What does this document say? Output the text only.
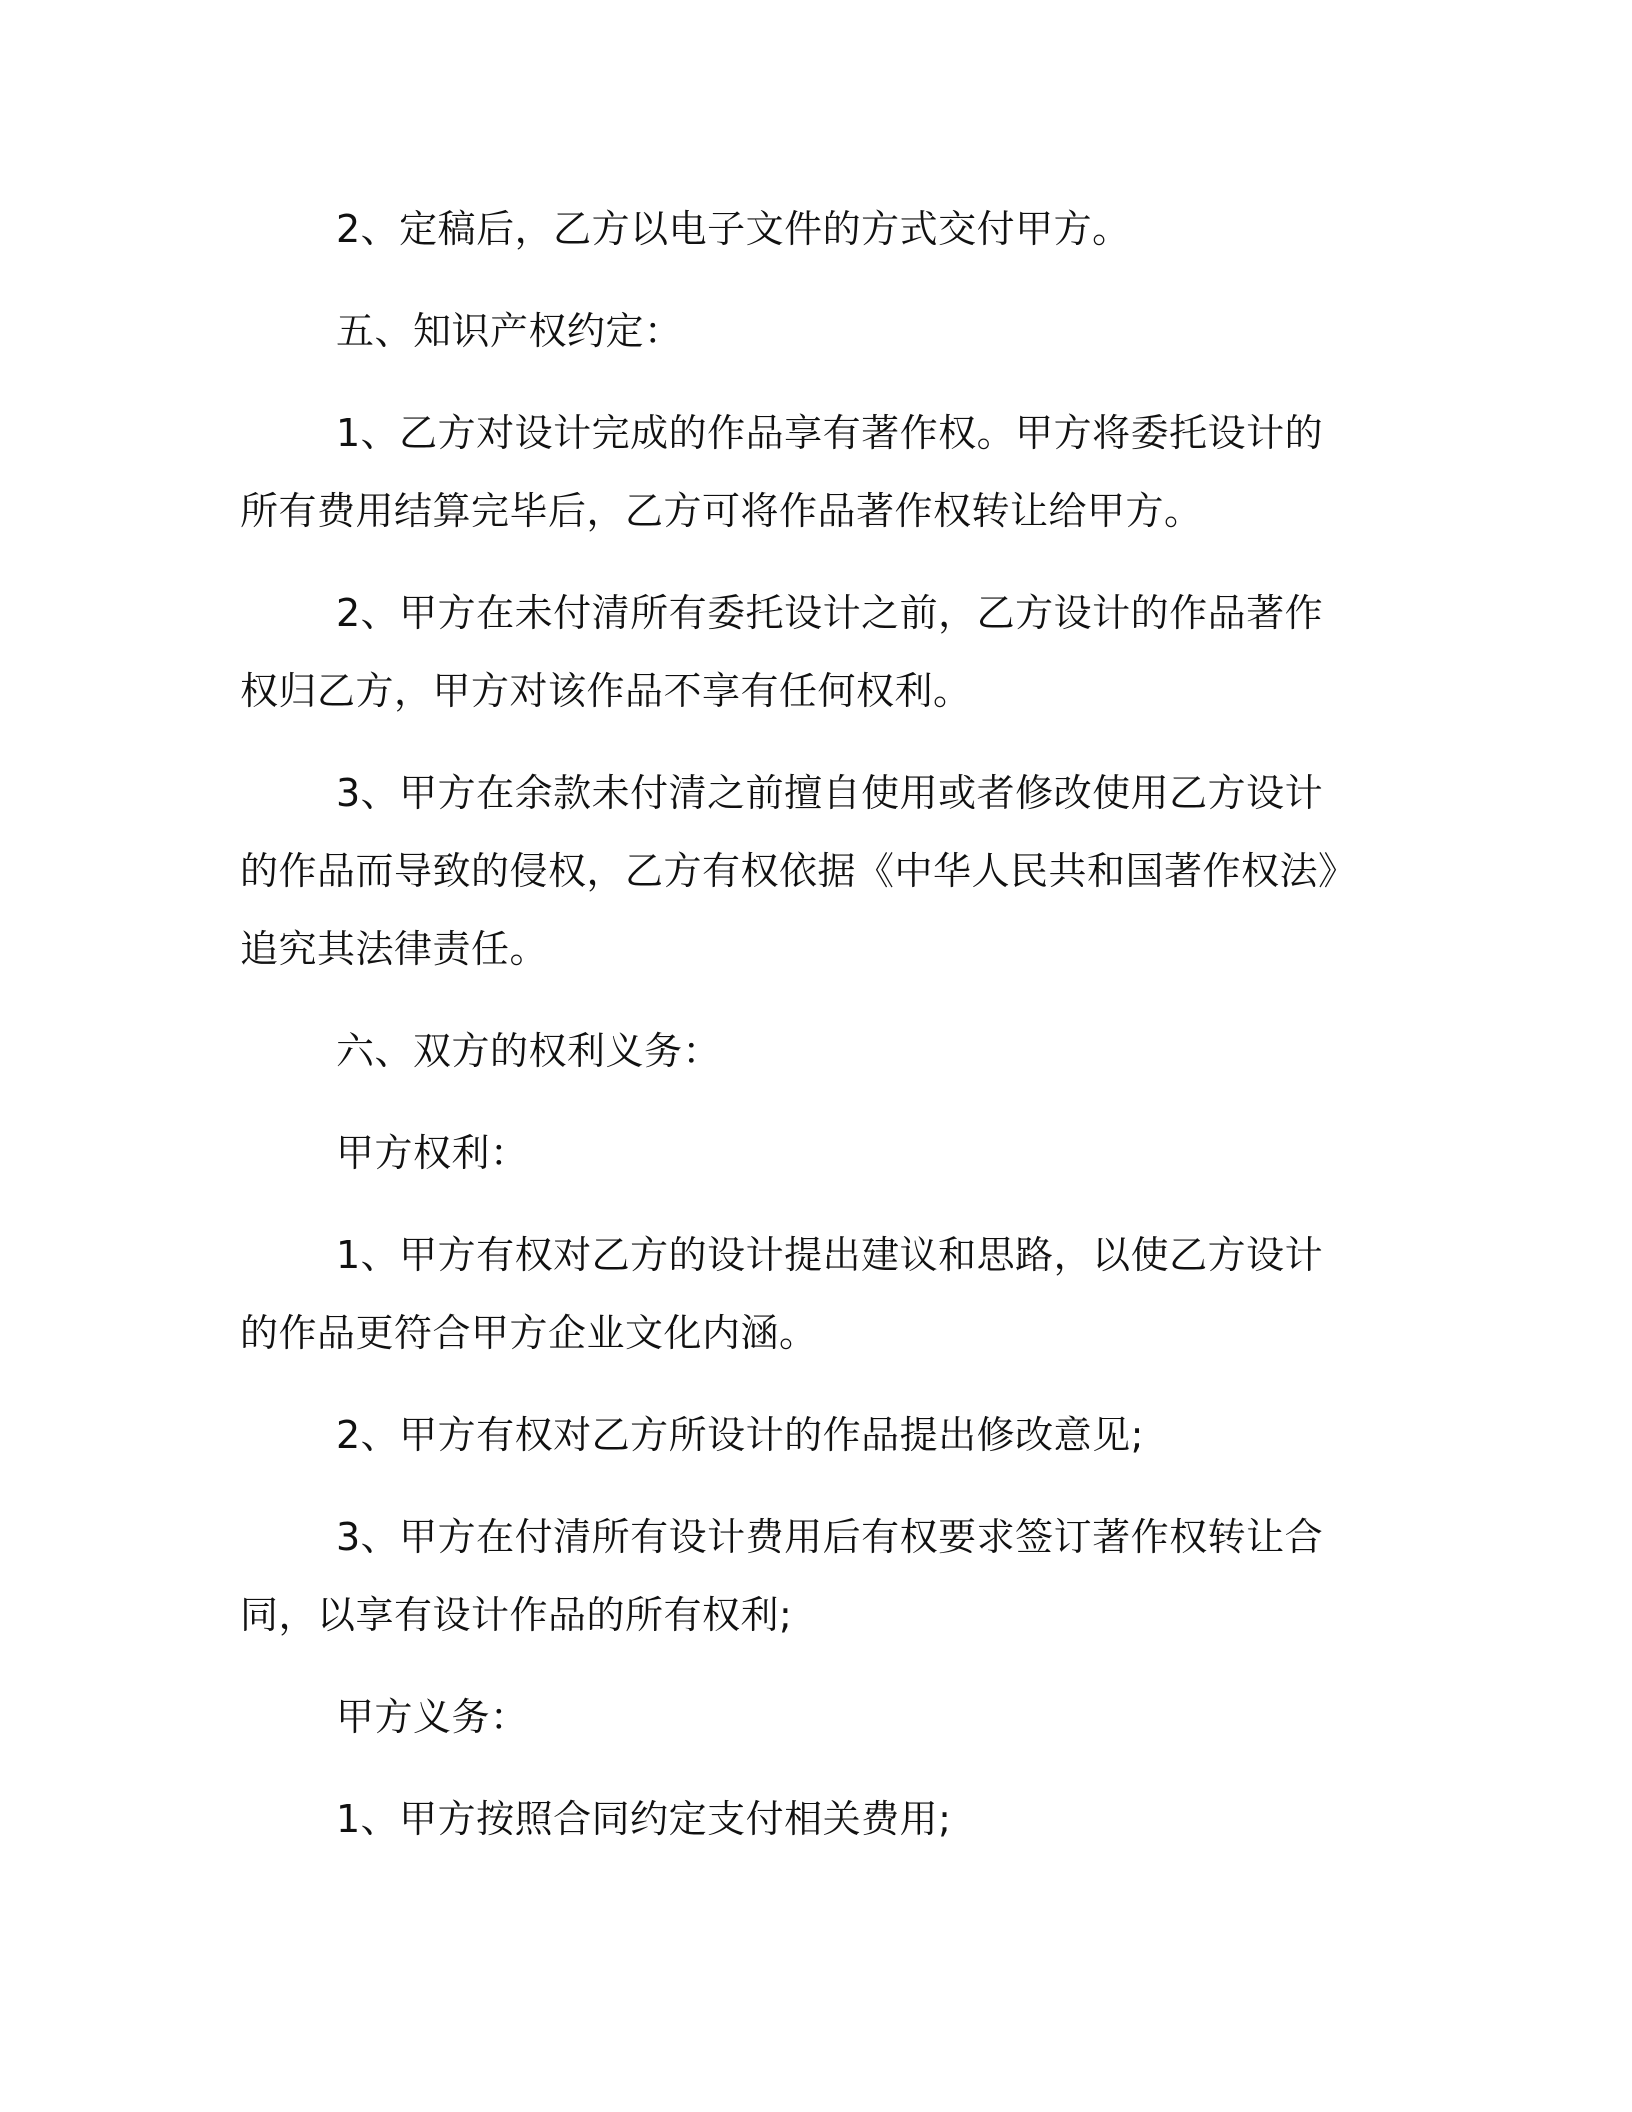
2、定稿后，乙方以电子文件的方式交付甲方。

五、知识产权约定：

1、乙方对设计完成的作品享有著作权。甲方将委托设计的所有费用结算完毕后，乙方可将作品著作权转让给甲方。

2、甲方在未付清所有委托设计之前，乙方设计的作品著作权归乙方，甲方对该作品不享有任何权利。

3、甲方在余款未付清之前擅自使用或者修改使用乙方设计的作品而导致的侵权，乙方有权依据《中华人民共和国著作权法》追究其法律责任。

六、双方的权利义务：

甲方权利：

1、甲方有权对乙方的设计提出建议和思路，以使乙方设计的作品更符合甲方企业文化内涵。

2、甲方有权对乙方所设计的作品提出修改意见;

3、甲方在付清所有设计费用后有权要求签订著作权转让合同，以享有设计作品的所有权利;

甲方义务：

1、甲方按照合同约定支付相关费用;
